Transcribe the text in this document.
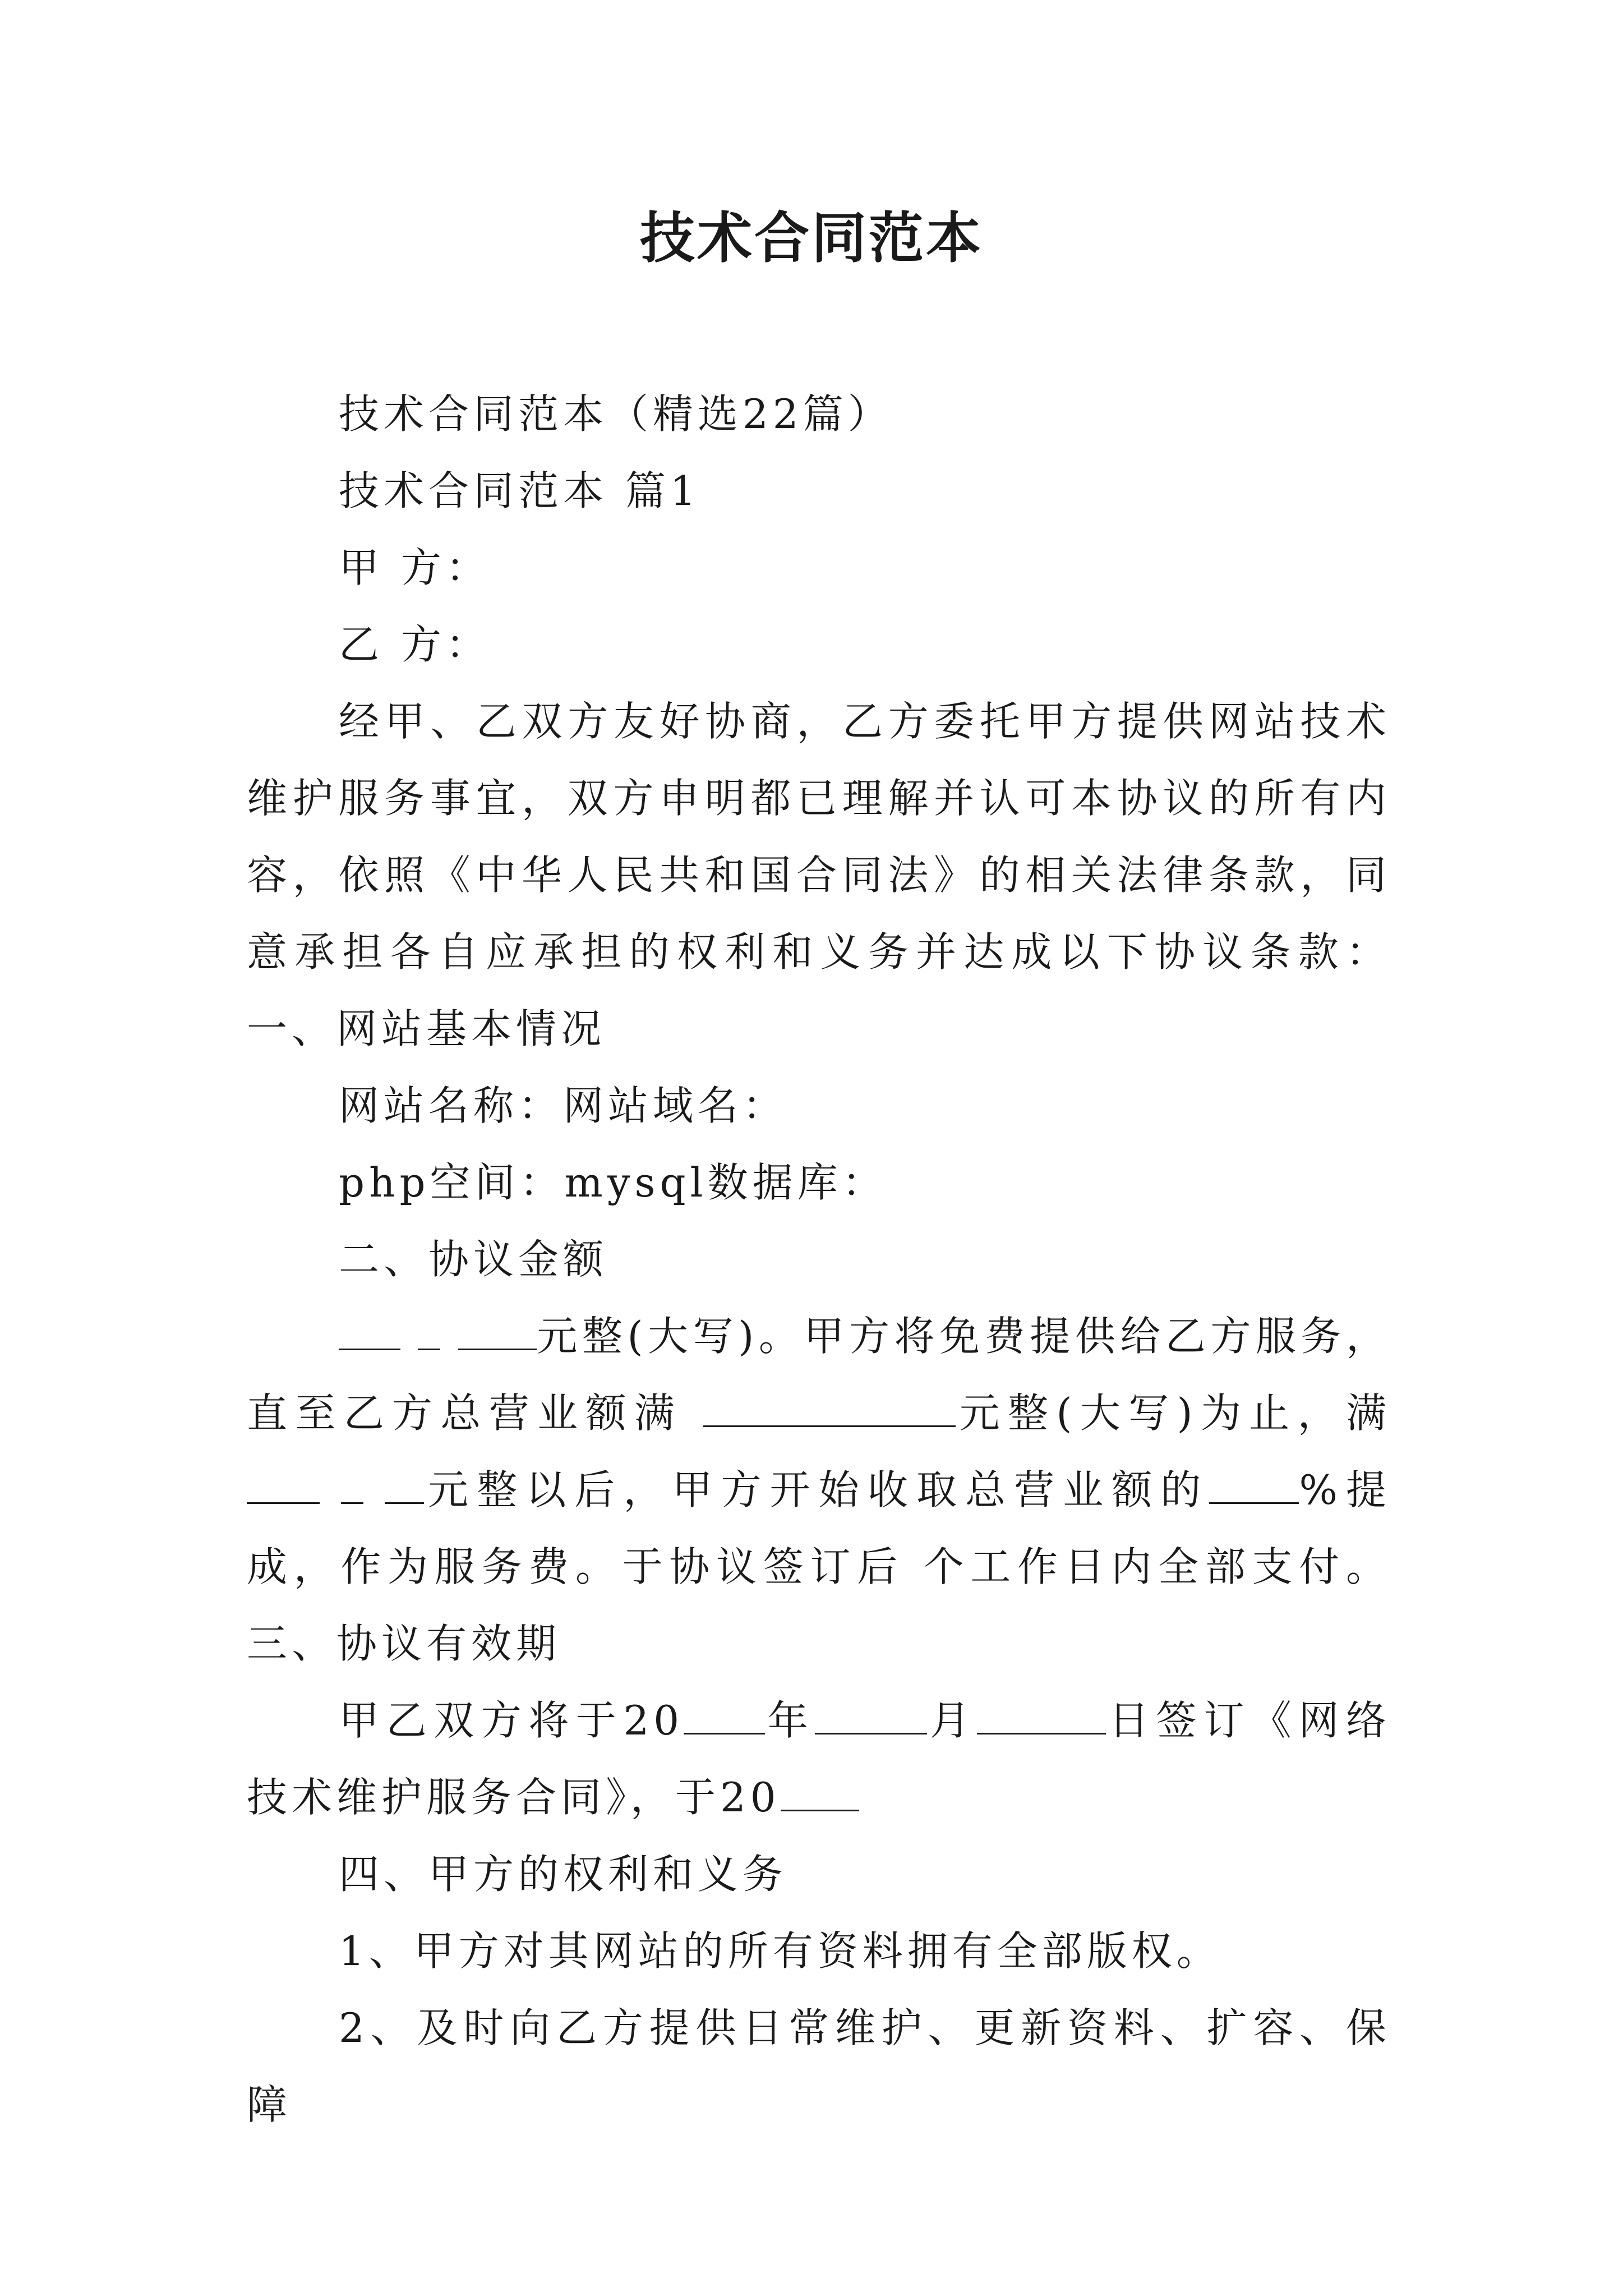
技术合同范本

技术合同范本（精选22篇）

技术合同范本 篇1

甲 方：

乙 方：

经甲、乙双方友好协商，乙方委托甲方提供网站技术维护服务事宜，双方申明都已理解并认可本协议的所有内容，依照《中华人民共和国合同法》的相关法律条款，同意承担各自应承担的权利和义务并达成以下协议条款：一、网站基本情况

网站名称：网站域名：

php空间：mysql数据库：

二、协议金额

元整(大写)。甲方将免费提供给乙方服务，直至乙方总营业额满	元整(大写)为止，满  元整以后，甲方开始收取总营业额的 %提成，作为服务费。于协议签订后 个工作日内全部支付。 三、协议有效期

甲乙双方将于20 年	月	日签订《网络技术维护服务合同》，于20

四、甲方的权利和义务

1、甲方对其网站的所有资料拥有全部版权。

2、及时向乙方提供日常维护、更新资料、扩容、保障
